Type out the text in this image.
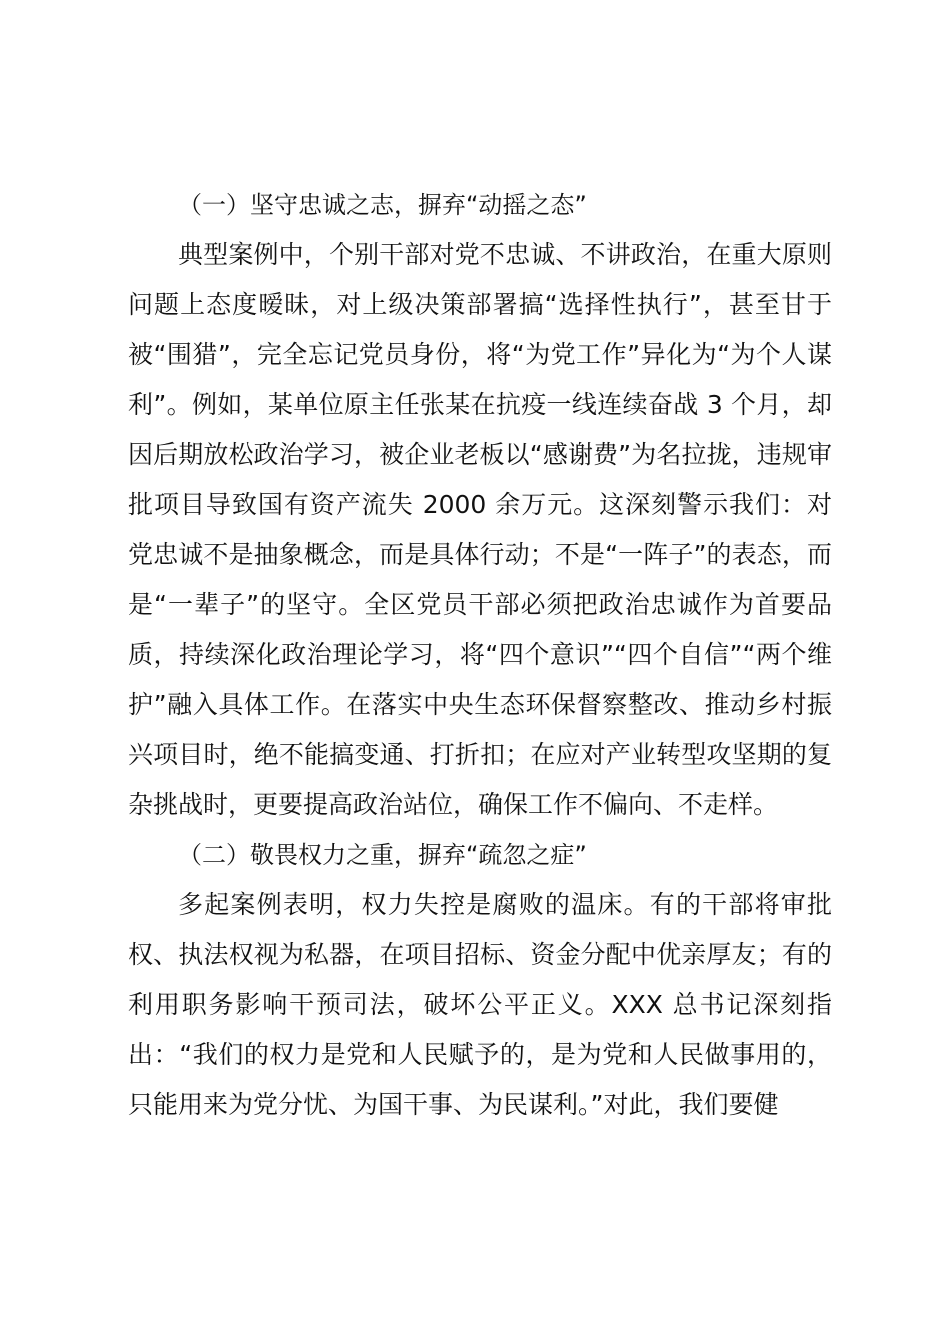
（一）坚守忠诚之志，摒弃“动摇之态”

典型案例中，个别干部对党不忠诚、不讲政治，在重大原则问题上态度暧昧，对上级决策部署搞“选择性执行”，甚至甘于被“围猎”，完全忘记党员身份，将“为党工作”异化为“为个人谋利”。例如，某单位原主任张某在抗疫一线连续奋战 3 个月，却因后期放松政治学习，被企业老板以“感谢费”为名拉拢，违规审批项目导致国有资产流失 2000 余万元。这深刻警示我们：对党忠诚不是抽象概念，而是具体行动；不是“一阵子”的表态，而是“一辈子”的坚守。全区党员干部必须把政治忠诚作为首要品质，持续深化政治理论学习，将“四个意识”“四个自信”“两个维护”融入具体工作。在落实中央生态环保督察整改、推动乡村振兴项目时，绝不能搞变通、打折扣；在应对产业转型攻坚期的复杂挑战时，更要提高政治站位，确保工作不偏向、不走样。

（二）敬畏权力之重，摒弃“疏忽之症”

多起案例表明，权力失控是腐败的温床。有的干部将审批权、执法权视为私器，在项目招标、资金分配中优亲厚友；有的利用职务影响干预司法，破坏公平正义。XXX 总书记深刻指出：“我们的权力是党和人民赋予的，是为党和人民做事用的，只能用来为党分忧、为国干事、为民谋利。”对此，我们要健
